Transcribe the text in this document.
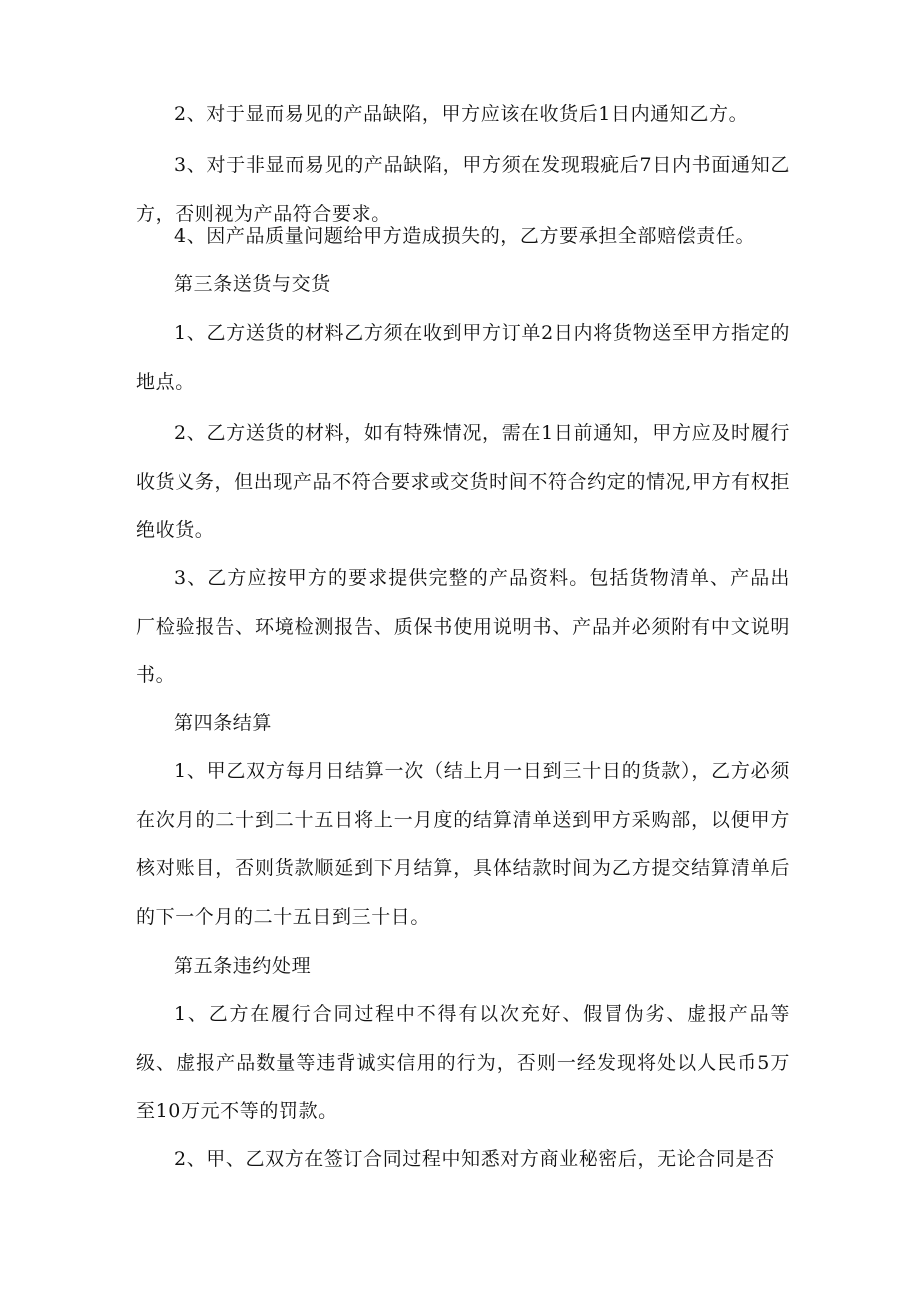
2、对于显而易见的产品缺陷，甲方应该在收货后1日内通知乙方。

3、对于非显而易见的产品缺陷，甲方须在发现瑕疵后7日内书面通知乙方，否则视为产品符合要求。

4、因产品质量问题给甲方造成损失的，乙方要承担全部赔偿责任。

第三条送货与交货

1、乙方送货的材料乙方须在收到甲方订单2日内将货物送至甲方指定的地点。

2、乙方送货的材料，如有特殊情况，需在1日前通知，甲方应及时履行收货义务，但出现产品不符合要求或交货时间不符合约定的情况,甲方有权拒绝收货。

3、乙方应按甲方的要求提供完整的产品资料。包括货物清单、产品出厂检验报告、环境检测报告、质保书使用说明书、产品并必须附有中文说明书。

第四条结算

1、甲乙双方每月日结算一次（结上月一日到三十日的货款），乙方必须在次月的二十到二十五日将上一月度的结算清单送到甲方采购部，以便甲方核对账目，否则货款顺延到下月结算，具体结款时间为乙方提交结算清单后的下一个月的二十五日到三十日。

第五条违约处理

1、乙方在履行合同过程中不得有以次充好、假冒伪劣、虚报产品等级、虚报产品数量等违背诚实信用的行为，否则一经发现将处以人民币5万至10万元不等的罚款。

2、甲、乙双方在签订合同过程中知悉对方商业秘密后，无论合同是否
